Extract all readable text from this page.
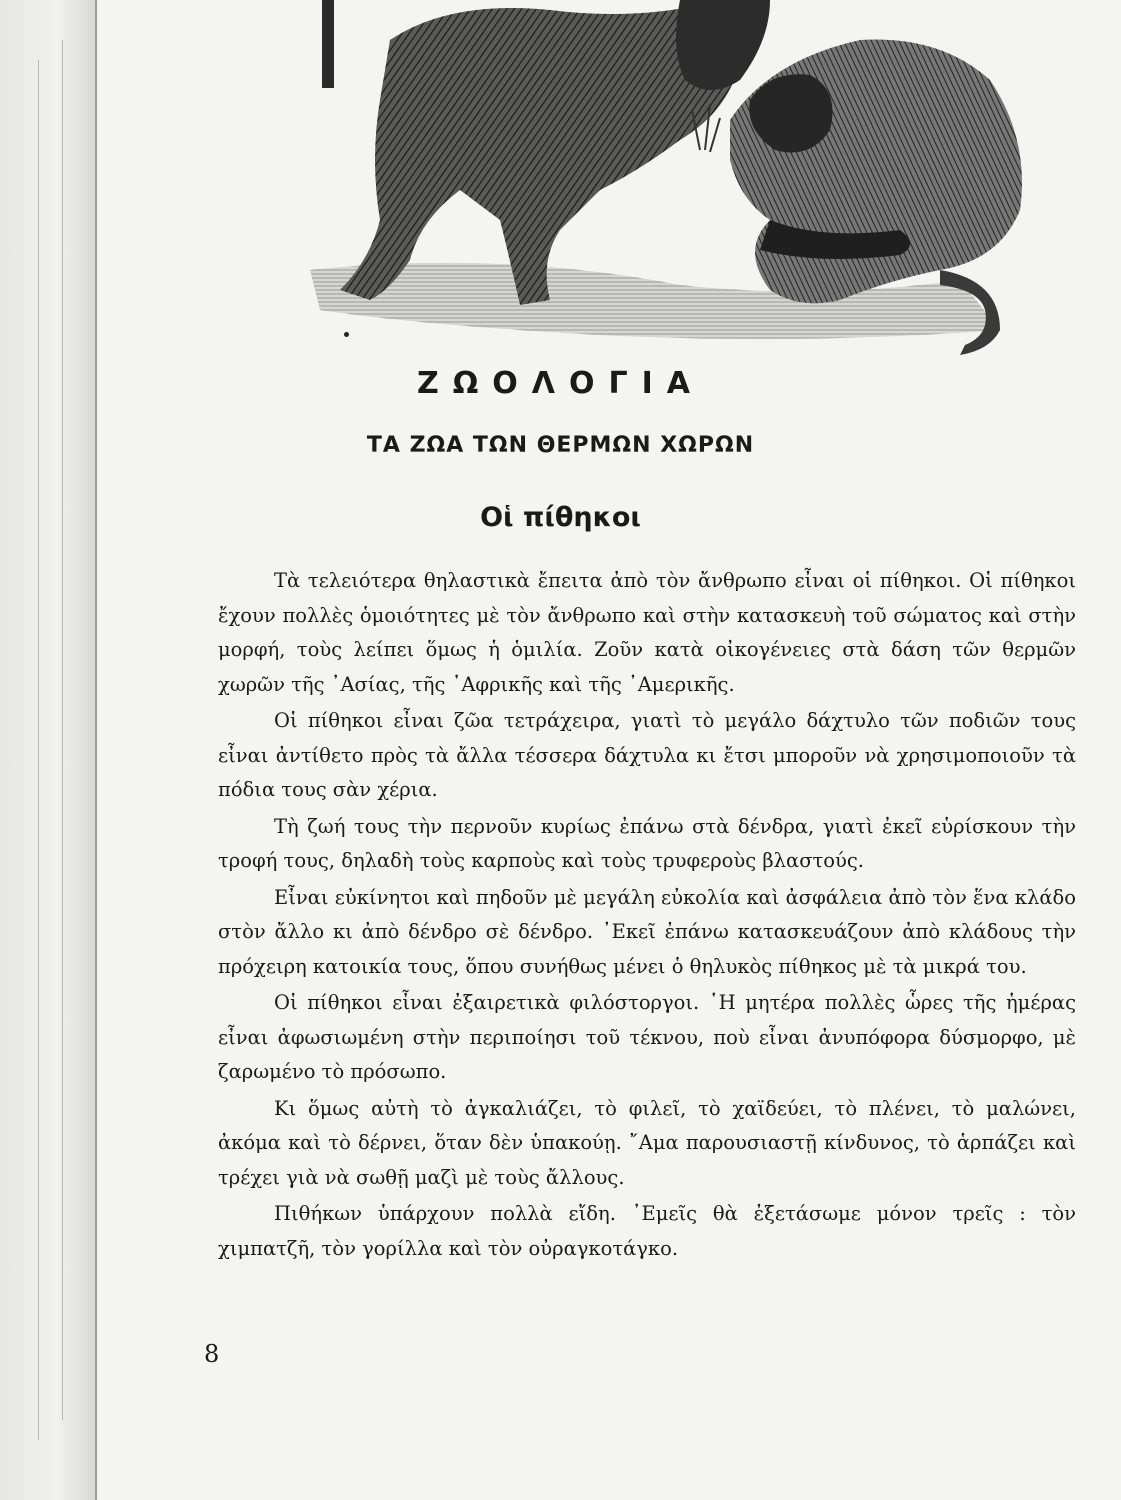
ΖΩΟΛΟΓΙΑ
ΤΑ ΖΩΑ ΤΩΝ ΘΕΡΜΩΝ ΧΩΡΩΝ
Οἱ πίθηκοι

Τὰ τελειότερα θηλαστικὰ ἔπειτα ἀπὸ τὸν ἄνθρωπο εἶναι οἱ πίθηκοι. Οἱ πίθηκοι ἔχουν πολλὲς ὁμοιότητες μὲ τὸν ἄνθρωπο καὶ στὴν κατασκευὴ τοῦ σώματος καὶ στὴν μορφή, τοὺς λείπει ὅμως ἡ ὁμιλία. Ζοῦν κατὰ οἰκογένειες στὰ δάση τῶν θερμῶν χωρῶν τῆς ᾿Ασίας, τῆς ᾿Αφρικῆς καὶ τῆς ᾿Αμερικῆς.

Οἱ πίθηκοι εἶναι ζῶα τετράχειρα, γιατὶ τὸ μεγάλο δάχτυλο τῶν ποδιῶν τους εἶναι ἀντίθετο πρὸς τὰ ἄλλα τέσσερα δάχτυλα κι ἔτσι μποροῦν νὰ χρησιμοποιοῦν τὰ πόδια τους σὰν χέρια.

Τὴ ζωή τους τὴν περνοῦν κυρίως ἐπάνω στὰ δένδρα, γιατὶ ἐκεῖ εὑρίσκουν τὴν τροφή τους, δηλαδὴ τοὺς καρποὺς καὶ τοὺς τρυφεροὺς βλαστούς.

Εἶναι εὐκίνητοι καὶ πηδοῦν μὲ μεγάλη εὐκολία καὶ ἀσφάλεια ἀπὸ τὸν ἕνα κλάδο στὸν ἄλλο κι ἀπὸ δένδρο σὲ δένδρο. ᾿Εκεῖ ἐπάνω κατασκευάζουν ἀπὸ κλάδους τὴν πρόχειρη κατοικία τους, ὅπου συνήθως μένει ὁ θηλυκὸς πίθηκος μὲ τὰ μικρά του.

Οἱ πίθηκοι εἶναι ἐξαιρετικὰ φιλόστοργοι. ῾Η μητέρα πολλὲς ὧρες τῆς ἡμέρας εἶναι ἀφωσιωμένη στὴν περιποίησι τοῦ τέκνου, ποὺ εἶναι ἀνυπόφορα δύσμορφο, μὲ ζαρωμένο τὸ πρόσωπο.

Κι ὅμως αὐτὴ τὸ ἀγκαλιάζει, τὸ φιλεῖ, τὸ χαϊδεύει, τὸ πλένει, τὸ μαλώνει, ἀκόμα καὶ τὸ δέρνει, ὅταν δὲν ὑπακούῃ. ῎Αμα παρουσιαστῇ κίνδυνος, τὸ ἁρπάζει καὶ τρέχει γιὰ νὰ σωθῇ μαζὶ μὲ τοὺς ἄλλους.

Πιθήκων ὑπάρχουν πολλὰ εἴδη. ᾿Εμεῖς θὰ ἐξετάσωμε μόνον τρεῖς : τὸν χιμπατζῆ, τὸν γορίλλα καὶ τὸν οὐραγκοτάγκο.

8
